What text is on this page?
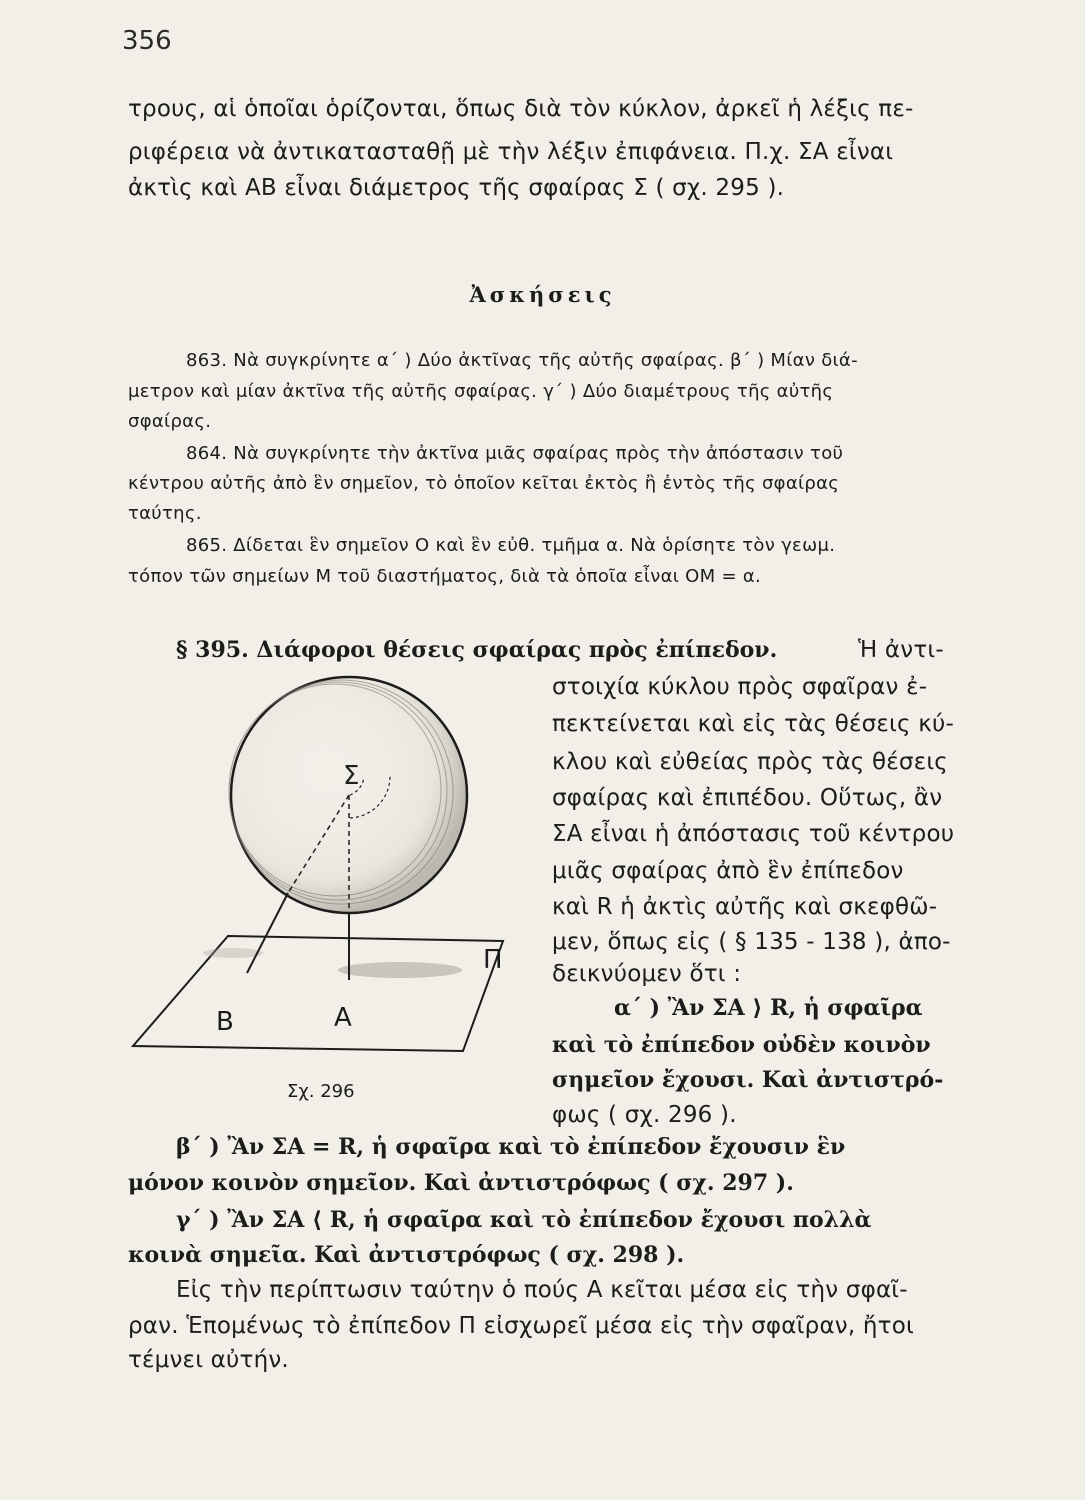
356
τρους, αἱ ὁποῖαι ὁρίζονται, ὅπως διὰ τὸν κύκλον, ἀρκεῖ ἡ λέξις πε-
ριφέρεια νὰ ἀντικατασταθῇ μὲ τὴν λέξιν ἐπιφάνεια. Π.χ. ΣΑ εἶναι
ἀκτὶς καὶ ΑΒ εἶναι διάμετρος τῆς σφαίρας Σ ( σχ. 295 ).
Ἀσκήσεις
863. Νὰ συγκρίνητε α΄ ) Δύο ἀκτῖνας τῆς αὐτῆς σφαίρας. β΄ ) Μίαν διά-
μετρον καὶ μίαν ἀκτῖνα τῆς αὐτῆς σφαίρας. γ΄ ) Δύο διαμέτρους τῆς αὐτῆς
σφαίρας.
864. Νὰ συγκρίνητε τὴν ἀκτῖνα μιᾶς σφαίρας πρὸς τὴν ἀπόστασιν τοῦ
κέντρου αὐτῆς ἀπὸ ἓν σημεῖον, τὸ ὁποῖον κεῖται ἐκτὸς ἢ ἐντὸς τῆς σφαίρας
ταύτης.
865. Δίδεται ἓν σημεῖον Ο καὶ ἓν εὐθ. τμῆμα α. Νὰ ὁρίσητε τὸν γεωμ.
τόπον τῶν σημείων Μ τοῦ διαστήματος, διὰ τὰ ὁποῖα εἶναι ΟΜ = α.
§ 395. Διάφοροι θέσεις σφαίρας πρὸς ἐπίπεδον.	Ἡ ἀντι-
στοιχία κύκλου πρὸς σφαῖραν ἐ-
πεκτείνεται καὶ εἰς τὰς θέσεις κύ-
κλου καὶ εὐθείας πρὸς τὰς θέσεις
σφαίρας καὶ ἐπιπέδου. Οὕτως, ἂν
ΣΑ εἶναι ἡ ἀπόστασις τοῦ κέντρου
μιᾶς σφαίρας ἀπὸ ἓν ἐπίπεδον
καὶ R ἡ ἀκτὶς αὐτῆς καὶ σκεφθῶ-
μεν, ὅπως εἰς ( § 135 - 138 ), ἀπο-
δεικνύομεν ὅτι :
α΄ ) Ἂν ΣΑ ⟩ R, ἡ σφαῖρα
καὶ τὸ ἐπίπεδον οὐδὲν κοινὸν
σημεῖον ἔχουσι. Καὶ ἀντιστρό-
φως ( σχ. 296 ).
β΄ ) Ἂν ΣΑ = R, ἡ σφαῖρα καὶ τὸ ἐπίπεδον ἔχουσιν ἓν
μόνον κοινὸν σημεῖον. Καὶ ἀντιστρόφως ( σχ. 297 ).
γ΄ ) Ἂν ΣΑ ⟨ R, ἡ σφαῖρα καὶ τὸ ἐπίπεδον ἔχουσι πολλὰ
κοινὰ σημεῖα. Καὶ ἀντιστρόφως ( σχ. 298 ).
Εἰς τὴν περίπτωσιν ταύτην ὁ πούς Α κεῖται μέσα εἰς τὴν σφαῖ-
ραν. Ἑπομένως τὸ ἐπίπεδον Π εἰσχωρεῖ μέσα εἰς τὴν σφαῖραν, ἤτοι
τέμνει αὐτήν.
Σ
Π
Β	Α
Σχ. 296
